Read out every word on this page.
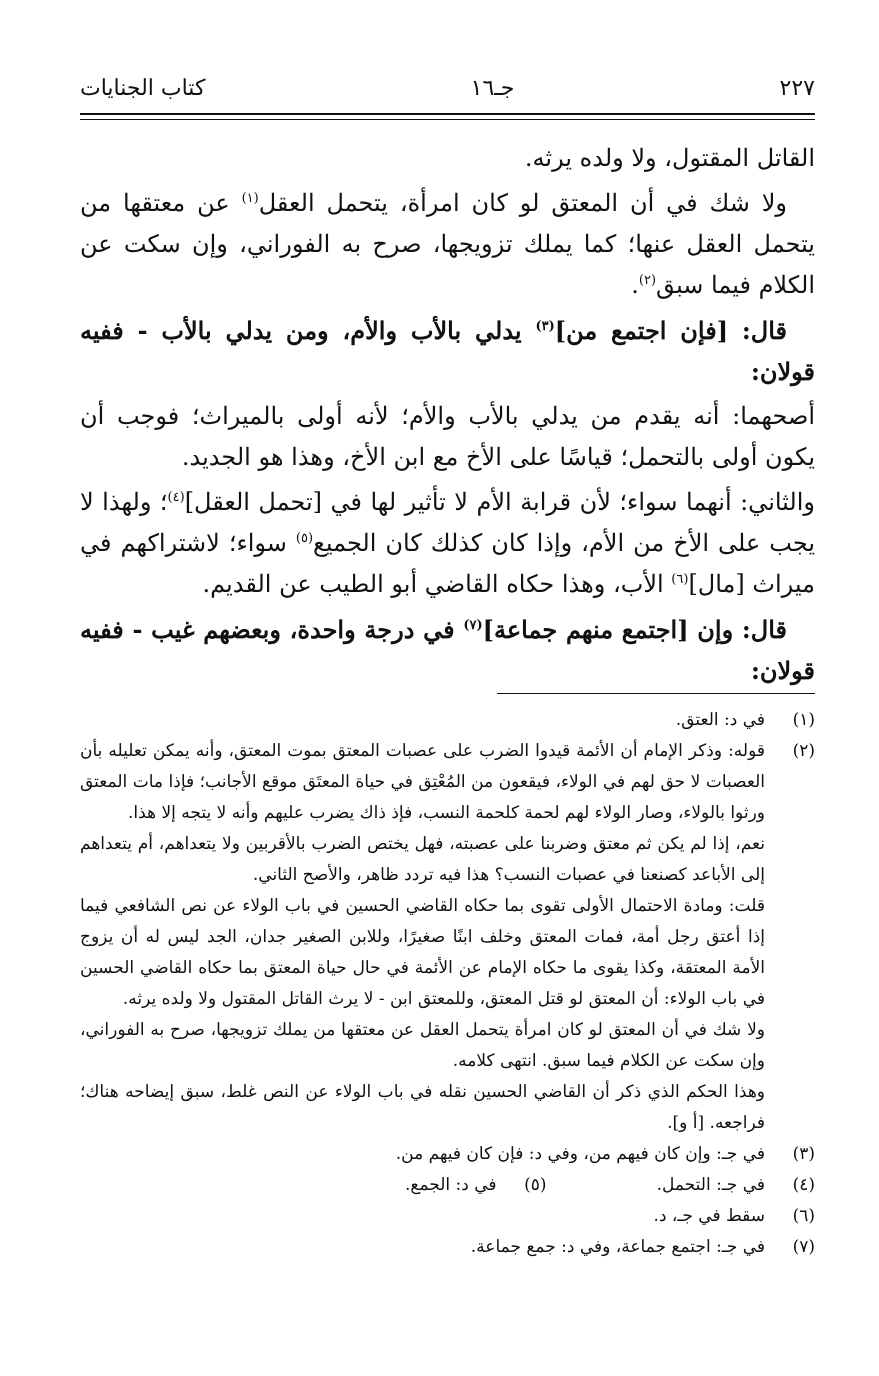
٢٢٧
جـ١٦
كتاب الجنايات

القاتل المقتول، ولا ولده يرثه.

ولا شك في أن المعتق لو كان امرأة، يتحمل العقل$^{(١)}$ عن معتقها من يتحمل العقل عنها؛ كما يملك تزويجها، صرح به الفوراني، وإن سكت عن الكلام فيما سبق$^{(٢)}$.

قال: [فإن اجتمع من]$^{(٣)}$ يدلي بالأب والأم، ومن يدلي بالأب - ففيه قولان:

أصحهما: أنه يقدم من يدلي بالأب والأم؛ لأنه أولى بالميراث؛ فوجب أن يكون أولى بالتحمل؛ قياسًا على الأخ مع ابن الأخ، وهذا هو الجديد.

والثاني: أنهما سواء؛ لأن قرابة الأم لا تأثير لها في [تحمل العقل]$^{(٤)}$؛ ولهذا لا يجب على الأخ من الأم، وإذا كان كذلك كان الجميع$^{(٥)}$ سواء؛ لاشتراكهم في ميراث [مال]$^{(٦)}$ الأب، وهذا حكاه القاضي أبو الطيب عن القديم.

قال: وإن [اجتمع منهم جماعة]$^{(٧)}$ في درجة واحدة، وبعضهم غيب - ففيه قولان:

(١)
في د: العتق.
(٢)

قوله: وذكر الإمام أن الأئمة قيدوا الضرب على عصبات المعتق بموت المعتق، وأنه يمكن تعليله بأن العصبات لا حق لهم في الولاء، فيقعون من المُعْتِق في حياة المعتَق موقع الأجانب؛ فإذا مات المعتق ورثوا بالولاء، وصار الولاء لهم لحمة كلحمة النسب، فإذ ذاك يضرب عليهم وأنه لا يتجه إلا هذا.

نعم، إذا لم يكن ثم معتق وضربنا على عصبته، فهل يختص الضرب بالأقربين ولا يتعداهم، أم يتعداهم إلى الأباعد كصنعنا في عصبات النسب؟ هذا فيه تردد ظاهر، والأصح الثاني.

قلت: ومادة الاحتمال الأولى تقوى بما حكاه القاضي الحسين في باب الولاء عن نص الشافعي فيما إذا أعتق رجل أمة، فمات المعتق وخلف ابنًا صغيرًا، وللابن الصغير جدان، الجد ليس له أن يزوج الأمة المعتقة، وكذا يقوى ما حكاه الإمام عن الأئمة في حال حياة المعتق بما حكاه القاضي الحسين في باب الولاء: أن المعتق لو قتل المعتق، وللمعتق ابن - لا يرث القاتل المقتول ولا ولده يرثه.

ولا شك في أن المعتق لو كان امرأة يتحمل العقل عن معتقها من يملك تزويجها، صرح به الفوراني، وإن سكت عن الكلام فيما سبق. انتهى كلامه.

وهذا الحكم الذي ذكر أن القاضي الحسين نقله في باب الولاء عن النص غلط، سبق إيضاحه هناك؛ فراجعه. [أ و].

(٣)
في جـ: وإن كان فيهم من، وفي د: فإن كان فيهم من.
(٤)
في جـ: التحمل.
(٥)
في د: الجمع.
(٦)
سقط في جـ، د.
(٧)
في جـ: اجتمع جماعة، وفي د: جمع جماعة.
